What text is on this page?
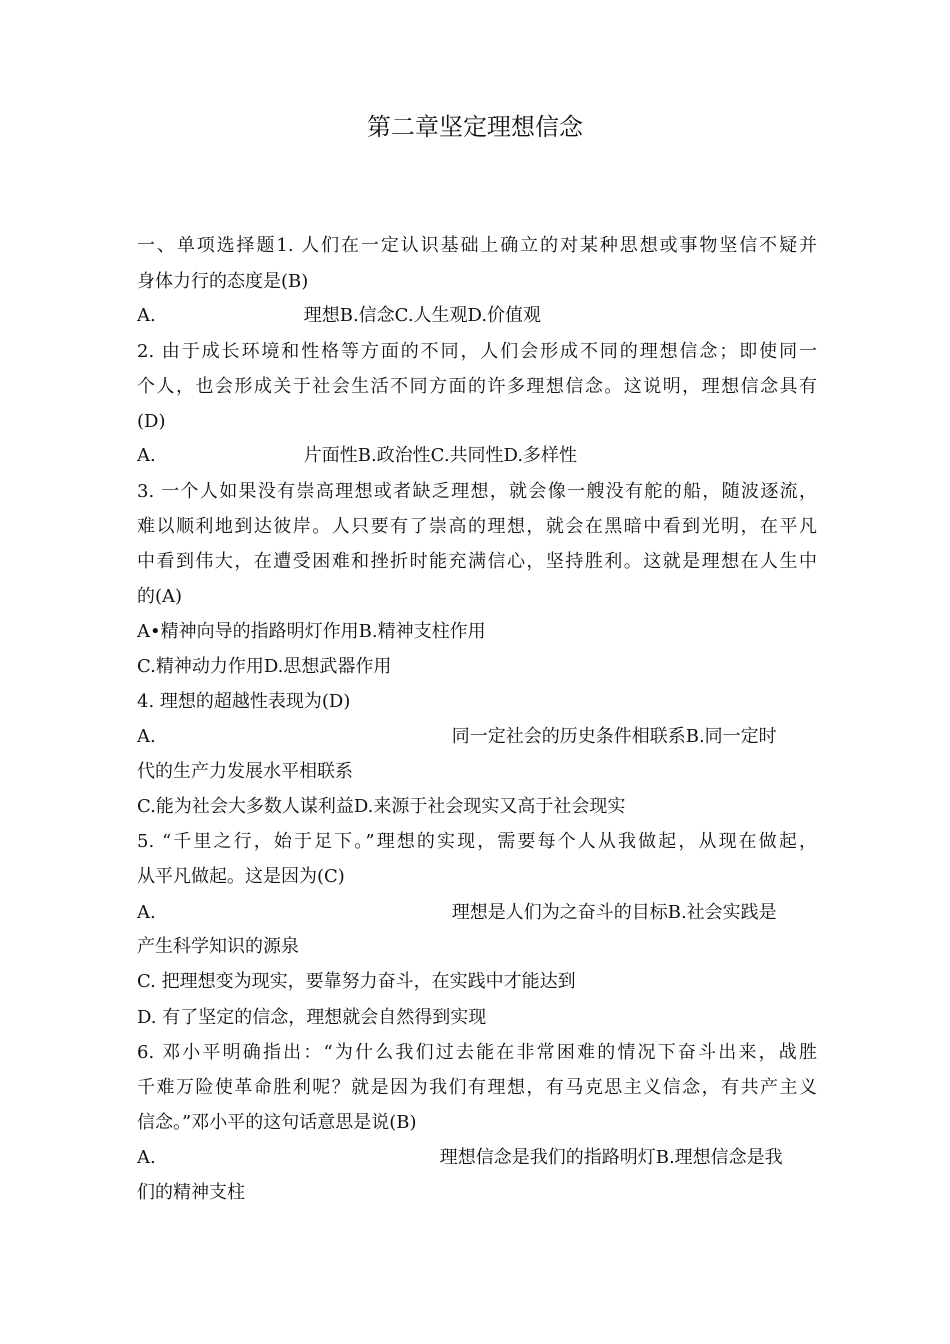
第二章坚定理想信念
一、单项选择题1. 人们在一定认识基础上确立的对某种思想或事物坚信不疑并
身体力行的态度是(B)
A.	理想B.信念C.人生观D.价值观
2. 由于成长环境和性格等方面的不同，人们会形成不同的理想信念；即使同一
个人，也会形成关于社会生活不同方面的许多理想信念。这说明，理想信念具有
(D)
A.	片面性B.政治性C.共同性D.多样性
3. 一个人如果没有崇高理想或者缺乏理想，就会像一艘没有舵的船，随波逐流，
难以顺利地到达彼岸。人只要有了崇高的理想，就会在黑暗中看到光明，在平凡
中看到伟大，在遭受困难和挫折时能充满信心，坚持胜利。这就是理想在人生中
的(A)
A•精神向导的指路明灯作用B.精神支柱作用
C.精神动力作用D.思想武器作用
4. 理想的超越性表现为(D)
A.	同一定社会的历史条件相联系B.同一定时
代的生产力发展水平相联系
C.能为社会大多数人谋利益D.来源于社会现实又高于社会现实
5. “千里之行，始于足下。”理想的实现，需要每个人从我做起，从现在做起，
从平凡做起。这是因为(C)
A.	理想是人们为之奋斗的目标B.社会实践是
产生科学知识的源泉
C. 把理想变为现实，要靠努力奋斗，在实践中才能达到
D. 有了坚定的信念，理想就会自然得到实现
6. 邓小平明确指出：“为什么我们过去能在非常困难的情况下奋斗出来，战胜
千难万险使革命胜利呢？就是因为我们有理想，有马克思主义信念，有共产主义
信念。”邓小平的这句话意思是说(B)
A.	理想信念是我们的指路明灯B.理想信念是我
们的精神支柱
